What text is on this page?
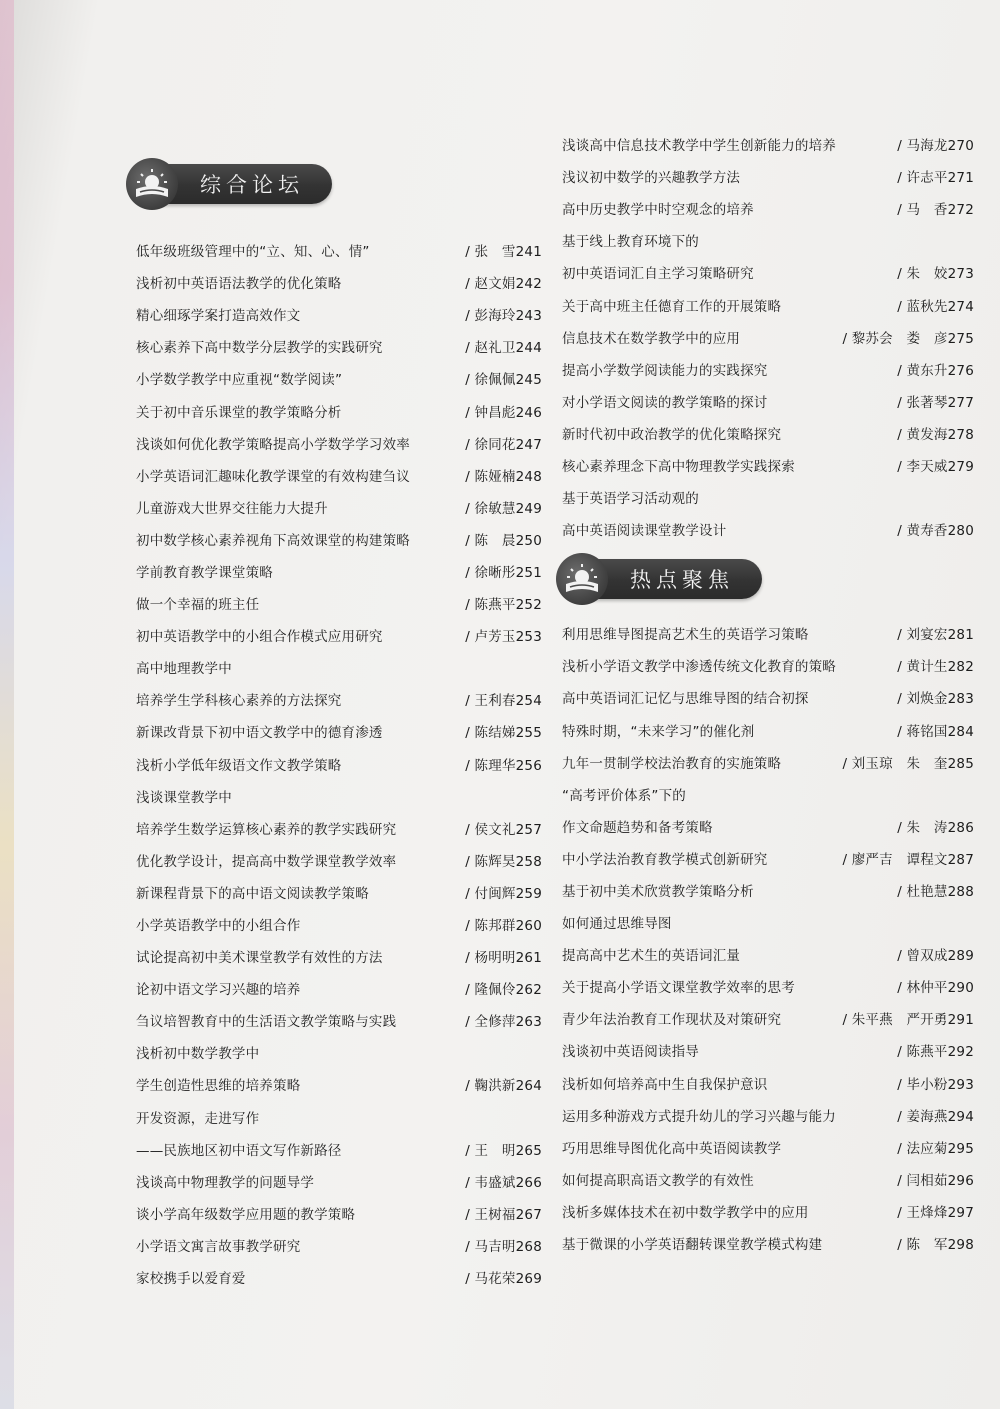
综合论坛
低年级班级管理中的“立、知、心、情”	/ 张　雪241
浅析初中英语语法教学的优化策略	/ 赵文娟242
精心细琢学案打造高效作文	/ 彭海玲243
核心素养下高中数学分层教学的实践研究	/ 赵礼卫244
小学数学教学中应重视“数学阅读”	/ 徐佩佩245
关于初中音乐课堂的教学策略分析	/ 钟昌彪246
浅谈如何优化教学策略提高小学数学学习效率	/ 徐同花247
小学英语词汇趣味化教学课堂的有效构建刍议	/ 陈娅楠248
儿童游戏大世界交往能力大提升	/ 徐敏慧249
初中数学核心素养视角下高效课堂的构建策略	/ 陈　晨250
学前教育教学课堂策略	/ 徐晰彤251
做一个幸福的班主任	/ 陈燕平252
初中英语教学中的小组合作模式应用研究	/ 卢芳玉253
高中地理教学中
培养学生学科核心素养的方法探究	/ 王利春254
新课改背景下初中语文教学中的德育渗透	/ 陈结娣255
浅析小学低年级语文作文教学策略	/ 陈理华256
浅谈课堂教学中
培养学生数学运算核心素养的教学实践研究	/ 侯文礼257
优化教学设计，提高高中数学课堂教学效率	/ 陈辉昊258
新课程背景下的高中语文阅读教学策略	/ 付闽辉259
小学英语教学中的小组合作	/ 陈邦群260
试论提高初中美术课堂教学有效性的方法	/ 杨明明261
论初中语文学习兴趣的培养	/ 隆佩伶262
刍议培智教育中的生活语文教学策略与实践	/ 全修萍263
浅析初中数学教学中
学生创造性思维的培养策略	/ 鞠洪新264
开发资源，走进写作
——民族地区初中语文写作新路径	/ 王　明265
浅谈高中物理教学的问题导学	/ 韦盛斌266
谈小学高年级数学应用题的教学策略	/ 王树福267
小学语文寓言故事教学研究	/ 马吉明268
家校携手以爱育爱	/ 马花荣269
浅谈高中信息技术教学中学生创新能力的培养	/ 马海龙270
浅议初中数学的兴趣教学方法	/ 许志平271
高中历史教学中时空观念的培养	/ 马　香272
基于线上教育环境下的
初中英语词汇自主学习策略研究	/ 朱　姣273
关于高中班主任德育工作的开展策略	/ 蓝秋先274
信息技术在数学教学中的应用	/ 黎苏会　娄　彦275
提高小学数学阅读能力的实践探究	/ 黄东升276
对小学语文阅读的教学策略的探讨	/ 张著琴277
新时代初中政治教学的优化策略探究	/ 黄发海278
核心素养理念下高中物理教学实践探索	/ 李天威279
基于英语学习活动观的
高中英语阅读课堂教学设计	/ 黄寿香280
热点聚焦
利用思维导图提高艺术生的英语学习策略	/ 刘宴宏281
浅析小学语文教学中渗透传统文化教育的策略	/ 黄计生282
高中英语词汇记忆与思维导图的结合初探	/ 刘焕金283
特殊时期，“未来学习”的催化剂	/ 蒋铭国284
九年一贯制学校法治教育的实施策略	/ 刘玉琼　朱　奎285
“高考评价体系”下的
作文命题趋势和备考策略	/ 朱　涛286
中小学法治教育教学模式创新研究	/ 廖严吉　谭程文287
基于初中美术欣赏教学策略分析	/ 杜艳慧288
如何通过思维导图
提高高中艺术生的英语词汇量	/ 曾双成289
关于提高小学语文课堂教学效率的思考	/ 林仲平290
青少年法治教育工作现状及对策研究	/ 朱平燕　严开勇291
浅谈初中英语阅读指导	/ 陈燕平292
浅析如何培养高中生自我保护意识	/ 毕小粉293
运用多种游戏方式提升幼儿的学习兴趣与能力	/ 姜海燕294
巧用思维导图优化高中英语阅读教学	/ 法应菊295
如何提高职高语文教学的有效性	/ 闫相茹296
浅析多媒体技术在初中数学教学中的应用	/ 王烽烽297
基于微课的小学英语翻转课堂教学模式构建	/ 陈　军298
